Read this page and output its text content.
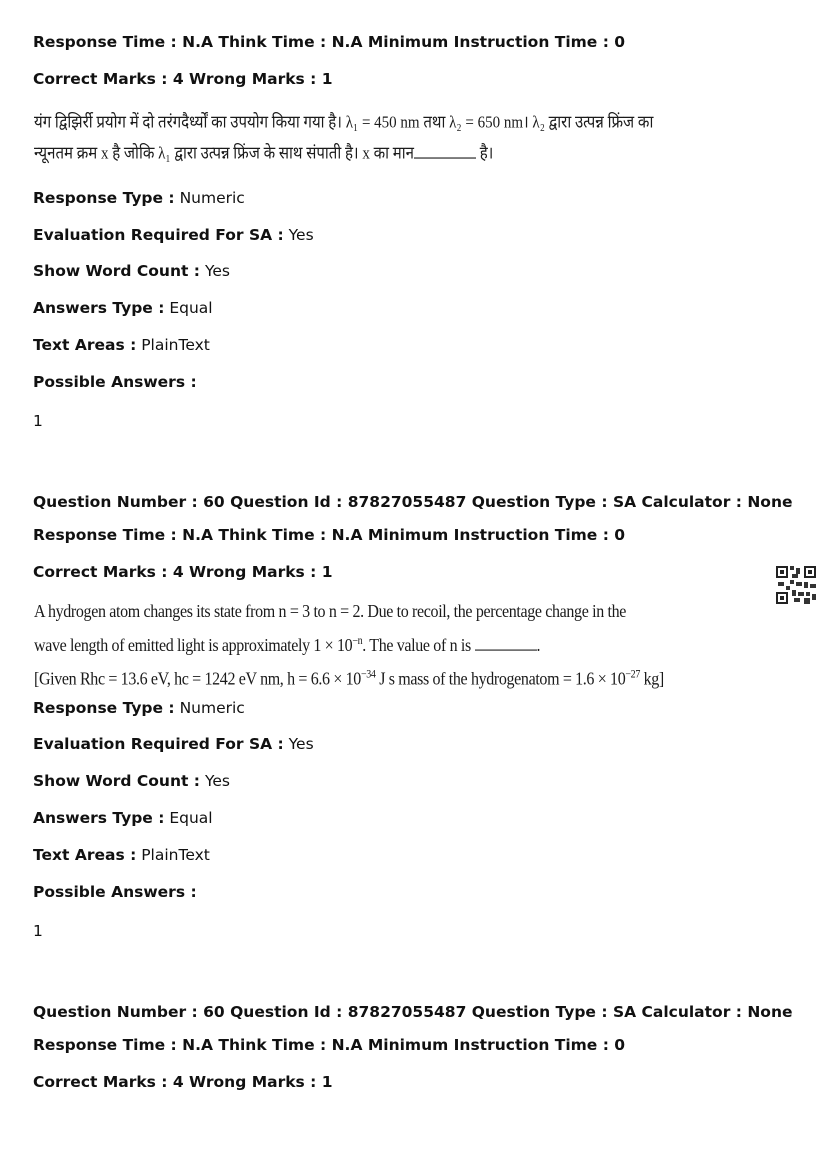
Response Time : N.A Think Time : N.A Minimum Instruction Time : 0
Correct Marks : 4 Wrong Marks : 1
यंग द्विझिर्री प्रयोग में दो तरंगदैर्ध्यों का उपयोग किया गया है। λ₁ = 450 nm तथा λ₂ = 650 nm। λ₂ द्वारा उत्पन्न फ्रिंज का
न्यूनतम क्रम x है जोकि λ₁ द्वारा उत्पन्न फ्रिंज के साथ संपाती है। x का मान	है।
Response Type : Numeric
Evaluation Required For SA : Yes
Show Word Count : Yes
Answers Type : Equal
Text Areas : PlainText
Possible Answers :
1
Question Number : 60 Question Id : 87827055487 Question Type : SA Calculator : None
Response Time : N.A Think Time : N.A Minimum Instruction Time : 0
Correct Marks : 4 Wrong Marks : 1
A hydrogen atom changes its state from n = 3 to n = 2. Due to recoil, the percentage change in the
wave length of emitted light is approximately $1 \times 10^{-n}$. The value of n is	.
[Given Rhc = 13.6 eV, hc = 1242 eV nm, $h = 6.6 \times 10^{-34}$ J s mass of the hydrogenatom = $1.6 \times 10^{-27}$ kg]
Response Type : Numeric
Evaluation Required For SA : Yes
Show Word Count : Yes
Answers Type : Equal
Text Areas : PlainText
Possible Answers :
1
Question Number : 60 Question Id : 87827055487 Question Type : SA Calculator : None
Response Time : N.A Think Time : N.A Minimum Instruction Time : 0
Correct Marks : 4 Wrong Marks : 1
